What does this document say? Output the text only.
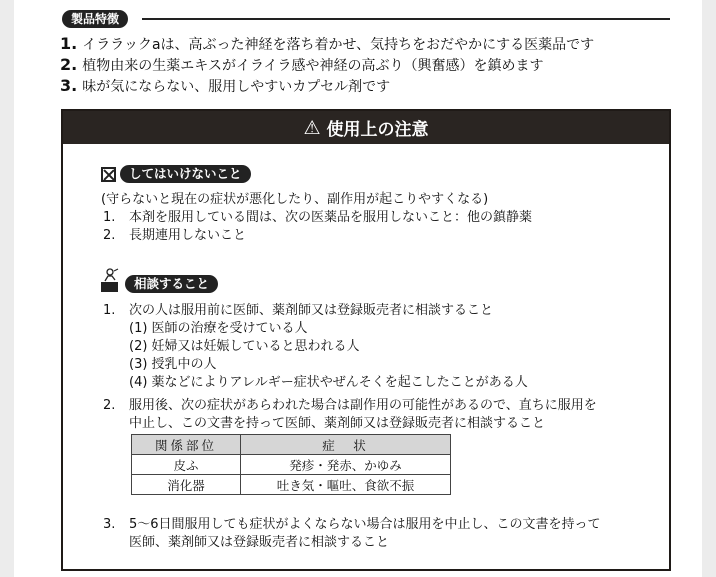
製品特徴
1. イララックaは、高ぶった神経を落ち着かせ、気持ちをおだやかにする医薬品です
2. 植物由来の生薬エキスがイライラ感や神経の高ぶり（興奮感）を鎮めます
3. 味が気にならない、服用しやすいカプセル剤です
⚠ 使用上の注意
してはいけないこと
(守らないと現在の症状が悪化したり、副作用が起こりやすくなる)
1. 本剤を服用している間は、次の医薬品を服用しないこと：他の鎮静薬
2. 長期連用しないこと
相談すること
1. 次の人は服用前に医師、薬剤師又は登録販売者に相談すること
(1) 医師の治療を受けている人
(2) 妊婦又は妊娠していると思われる人
(3) 授乳中の人
(4) 薬などによりアレルギー症状やぜんそくを起こしたことがある人
2. 服用後、次の症状があらわれた場合は副作用の可能性があるので、直ちに服用を
中止し、この文書を持って医師、薬剤師又は登録販売者に相談すること
関係部位	症　状
皮ふ	発疹・発赤、かゆみ
消化器	吐き気・嘔吐、食欲不振
3. 5〜6日間服用しても症状がよくならない場合は服用を中止し、この文書を持って
医師、薬剤師又は登録販売者に相談すること
